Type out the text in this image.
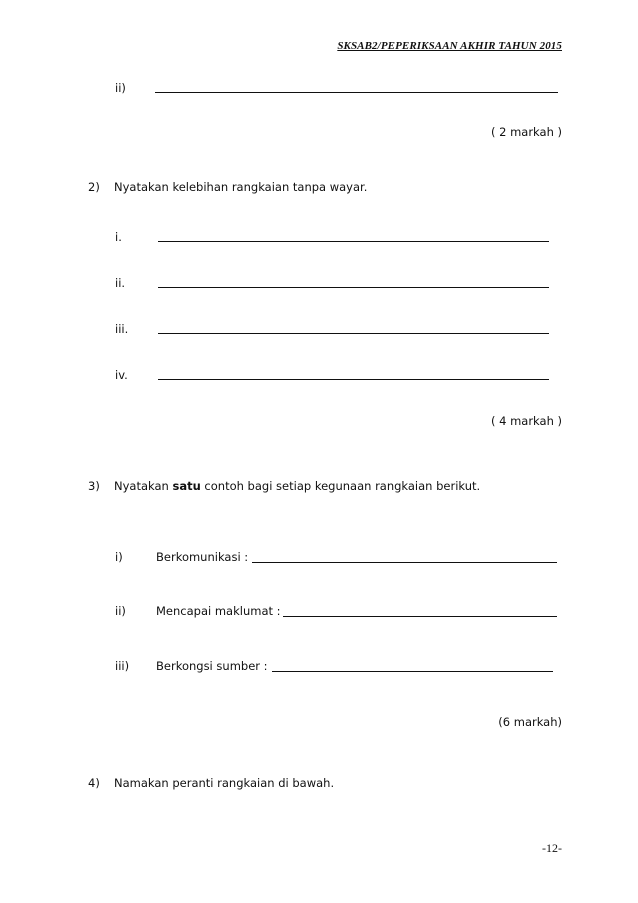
SKSAB2/PEPERIKSAAN AKHIR TAHUN 2015
ii)
( 2 markah )
2) Nyatakan kelebihan rangkaian tanpa wayar.
i.
ii.
iii.
iv.
( 4 markah )
3) Nyatakan satu contoh bagi setiap kegunaan rangkaian berikut.
i)	Berkomunikasi :
ii)	Mencapai maklumat :
iii) Berkongsi sumber :
(6 markah)
4) Namakan peranti rangkaian di bawah.
-12-
